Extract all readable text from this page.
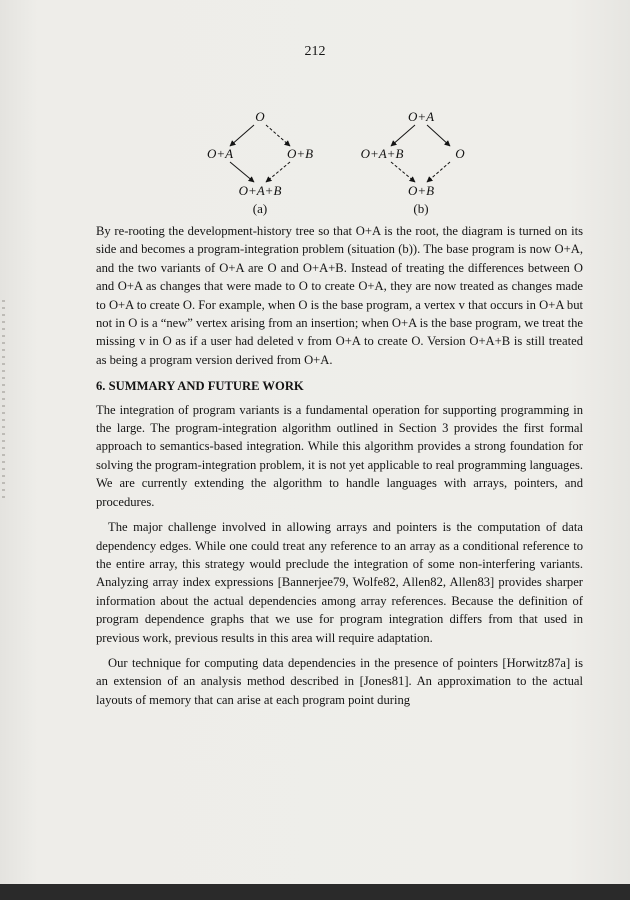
212
O
O+A	O+B
O+A+B
(a)
O+A
O+A+B	O
O+B
(b)

By re-rooting the development-history tree so that O+A is the root, the diagram is turned on its side and becomes a program-integration problem (situation (b)). The base program is now O+A, and the two variants of O+A are O and O+A+B. Instead of treating the differences between O and O+A as changes that were made to O to create O+A, they are now treated as changes made to O+A to create O. For example, when O is the base program, a vertex v that occurs in O+A but not in O is a “new” vertex arising from an insertion; when O+A is the base program, we treat the missing v in O as if a user had deleted v from O+A to create O. Version O+A+B is still treated as being a program version derived from O+A.

6. SUMMARY AND FUTURE WORK

The integration of program variants is a fundamental operation for supporting programming in the large. The program-integration algorithm outlined in Section 3 provides the first formal approach to semantics-based integration. While this algorithm provides a strong foundation for solving the program-integration problem, it is not yet applicable to real programming languages. We are currently extending the algorithm to handle languages with arrays, pointers, and procedures.

The major challenge involved in allowing arrays and pointers is the computation of data dependency edges. While one could treat any reference to an array as a conditional reference to the entire array, this strategy would preclude the integration of some non-interfering variants. Analyzing array index expressions [Bannerjee79, Wolfe82, Allen82, Allen83] provides sharper information about the actual dependencies among array references. Because the definition of program dependence graphs that we use for program integration differs from that used in previous work, previous results in this area will require adaptation.

Our technique for computing data dependencies in the presence of pointers [Horwitz87a] is an extension of an analysis method described in [Jones81]. An approximation to the actual layouts of memory that can arise at each program point during
